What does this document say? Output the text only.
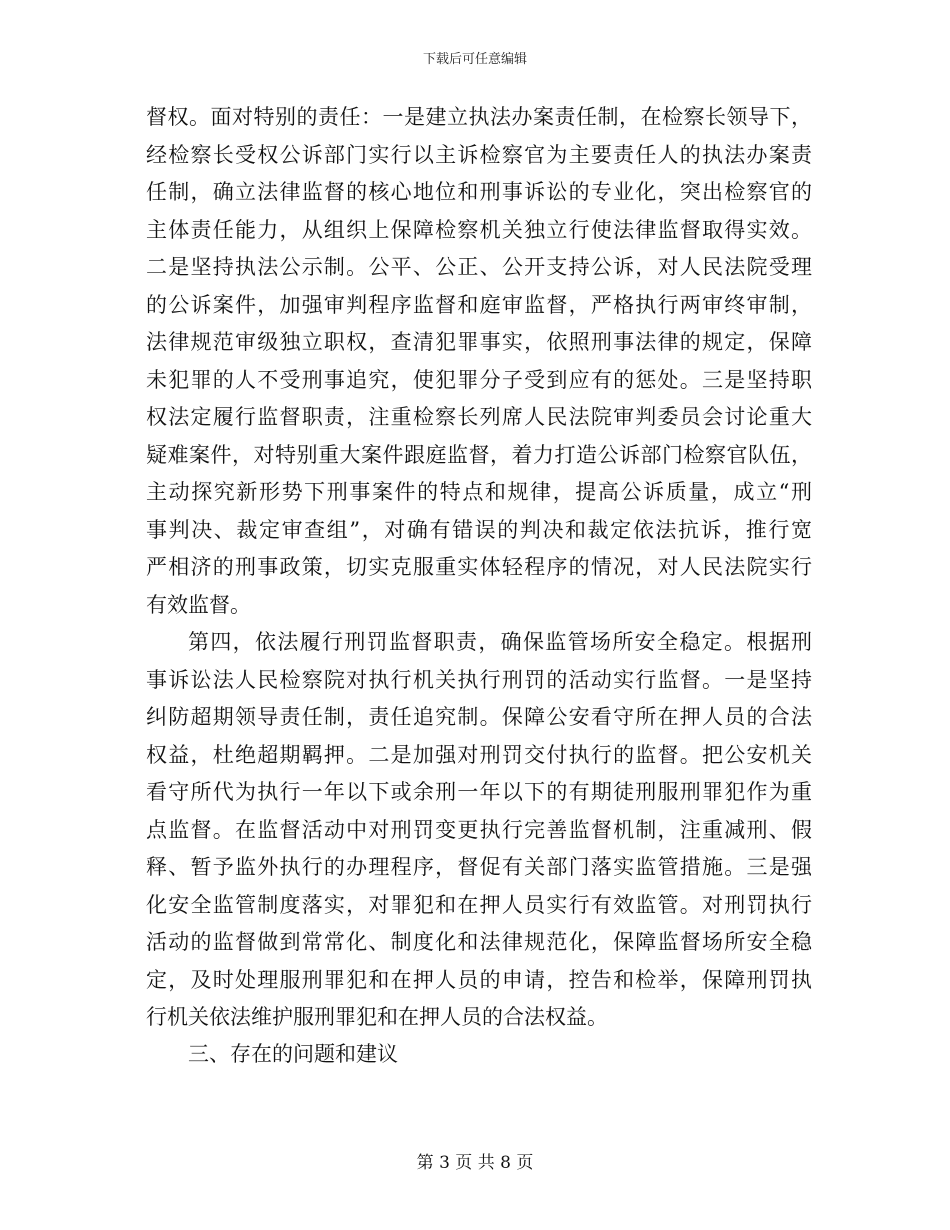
下载后可任意编辑
督权。面对特别的责任：一是建立执法办案责任制，在检察长领导下，
经检察长受权公诉部门实行以主诉检察官为主要责任人的执法办案责
任制，确立法律监督的核心地位和刑事诉讼的专业化，突出检察官的
主体责任能力，从组织上保障检察机关独立行使法律监督取得实效。
二是坚持执法公示制。公平、公正、公开支持公诉，对人民法院受理
的公诉案件，加强审判程序监督和庭审监督，严格执行两审终审制，
法律规范审级独立职权，查清犯罪事实，依照刑事法律的规定，保障
未犯罪的人不受刑事追究，使犯罪分子受到应有的惩处。三是坚持职
权法定履行监督职责，注重检察长列席人民法院审判委员会讨论重大
疑难案件，对特别重大案件跟庭监督，着力打造公诉部门检察官队伍，
主动探究新形势下刑事案件的特点和规律，提高公诉质量，成立“刑
事判决、裁定审查组”，对确有错误的判决和裁定依法抗诉，推行宽
严相济的刑事政策，切实克服重实体轻程序的情况，对人民法院实行
有效监督。
第四，依法履行刑罚监督职责，确保监管场所安全稳定。根据刑
事诉讼法人民检察院对执行机关执行刑罚的活动实行监督。一是坚持
纠防超期领导责任制，责任追究制。保障公安看守所在押人员的合法
权益，杜绝超期羁押。二是加强对刑罚交付执行的监督。把公安机关
看守所代为执行一年以下或余刑一年以下的有期徒刑服刑罪犯作为重
点监督。在监督活动中对刑罚变更执行完善监督机制，注重减刑、假
释、暂予监外执行的办理程序，督促有关部门落实监管措施。三是强
化安全监管制度落实，对罪犯和在押人员实行有效监管。对刑罚执行
活动的监督做到常常化、制度化和法律规范化，保障监督场所安全稳
定，及时处理服刑罪犯和在押人员的申请，控告和检举，保障刑罚执
行机关依法维护服刑罪犯和在押人员的合法权益。
三、存在的问题和建议
第 3 页 共 8 页
